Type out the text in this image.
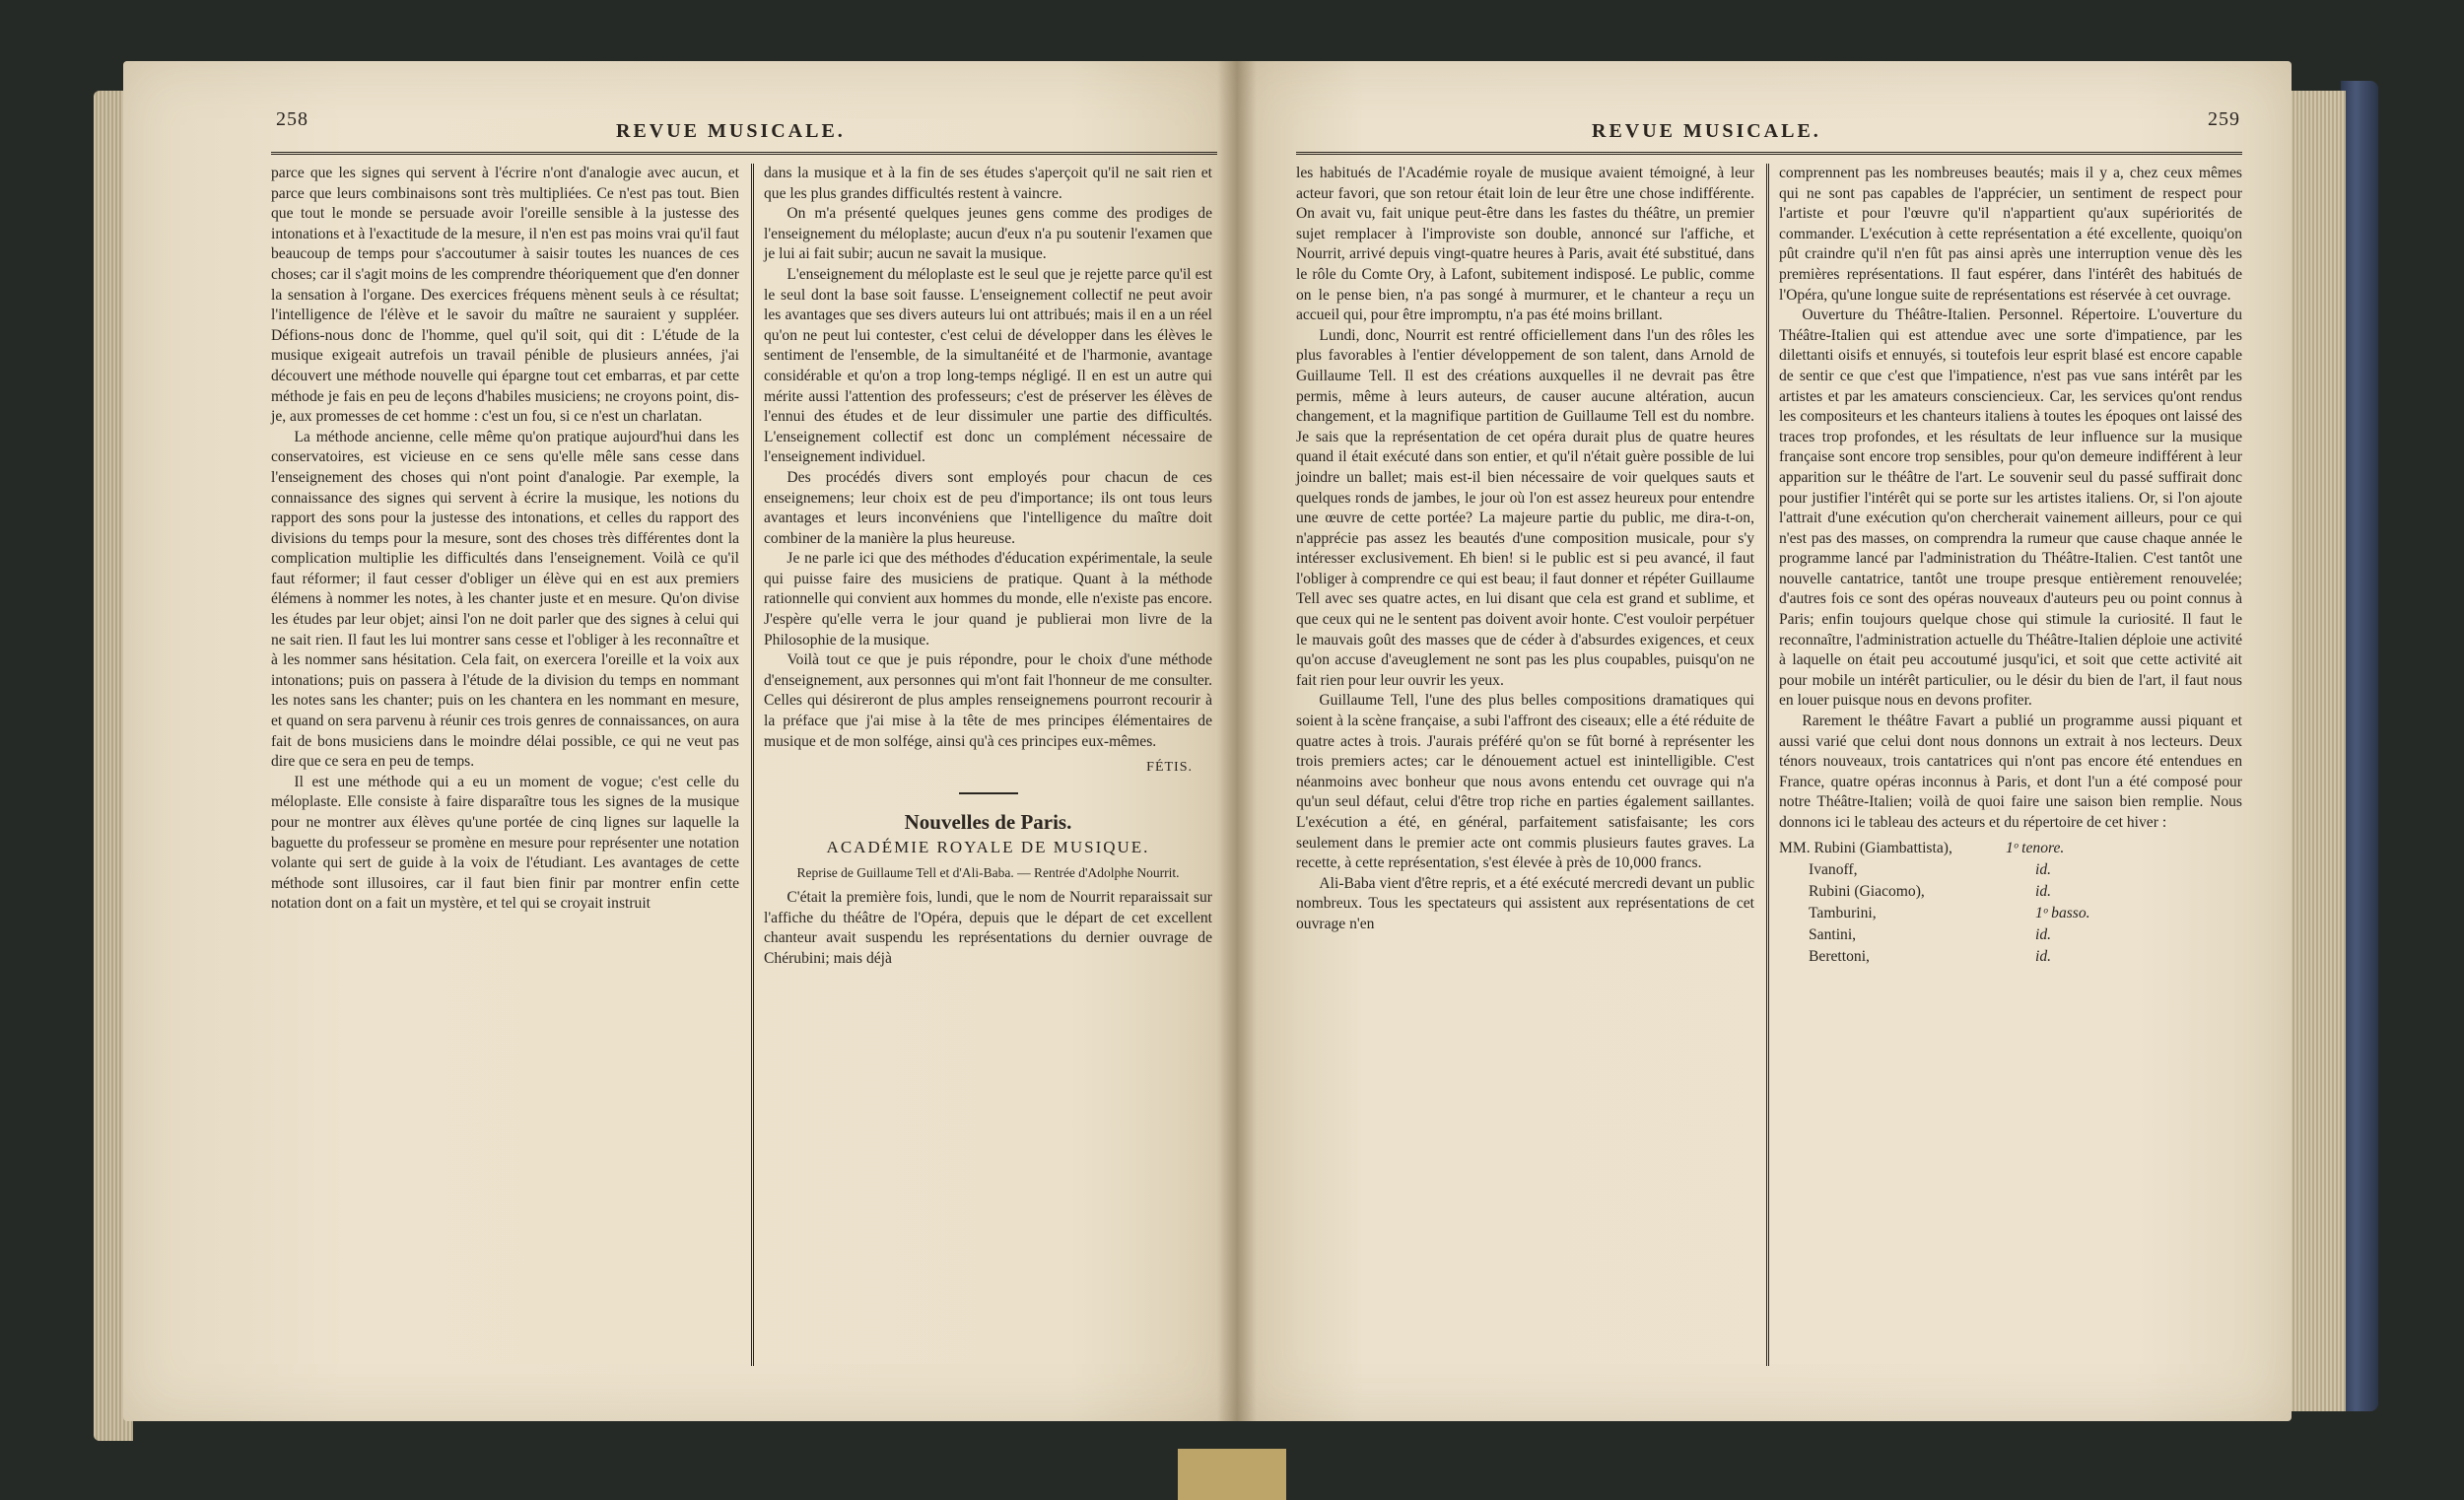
258
REVUE MUSICALE.

parce que les signes qui servent à l'écrire n'ont d'analogie avec aucun, et parce que leurs combinaisons sont très multipliées. Ce n'est pas tout. Bien que tout le monde se persuade avoir l'oreille sensible à la justesse des intonations et à l'exactitude de la mesure, il n'en est pas moins vrai qu'il faut beaucoup de temps pour s'accoutumer à saisir toutes les nuances de ces choses; car il s'agit moins de les comprendre théoriquement que d'en donner la sensation à l'organe. Des exercices fréquens mènent seuls à ce résultat; l'intelligence de l'élève et le savoir du maître ne sauraient y suppléer. Défions-nous donc de l'homme, quel qu'il soit, qui dit : L'étude de la musique exigeait autrefois un travail pénible de plusieurs années, j'ai découvert une méthode nouvelle qui épargne tout cet embarras, et par cette méthode je fais en peu de leçons d'habiles musiciens; ne croyons point, dis-je, aux promesses de cet homme : c'est un fou, si ce n'est un charlatan.

La méthode ancienne, celle même qu'on pratique aujourd'hui dans les conservatoires, est vicieuse en ce sens qu'elle mêle sans cesse dans l'enseignement des choses qui n'ont point d'analogie. Par exemple, la connaissance des signes qui servent à écrire la musique, les notions du rapport des sons pour la justesse des intonations, et celles du rapport des divisions du temps pour la mesure, sont des choses très différentes dont la complication multiplie les difficultés dans l'enseignement. Voilà ce qu'il faut réformer; il faut cesser d'obliger un élève qui en est aux premiers élémens à nommer les notes, à les chanter juste et en mesure. Qu'on divise les études par leur objet; ainsi l'on ne doit parler que des signes à celui qui ne sait rien. Il faut les lui montrer sans cesse et l'obliger à les reconnaître et à les nommer sans hésitation. Cela fait, on exercera l'oreille et la voix aux intonations; puis on passera à l'étude de la division du temps en nommant les notes sans les chanter; puis on les chantera en les nommant en mesure, et quand on sera parvenu à réunir ces trois genres de connaissances, on aura fait de bons musiciens dans le moindre délai possible, ce qui ne veut pas dire que ce sera en peu de temps.

Il est une méthode qui a eu un moment de vogue; c'est celle du méloplaste. Elle consiste à faire disparaître tous les signes de la musique pour ne montrer aux élèves qu'une portée de cinq lignes sur laquelle la baguette du professeur se promène en mesure pour représenter une notation volante qui sert de guide à la voix de l'étudiant. Les avantages de cette méthode sont illusoires, car il faut bien finir par montrer enfin cette notation dont on a fait un mystère, et tel qui se croyait instruit

dans la musique et à la fin de ses études s'aperçoit qu'il ne sait rien et que les plus grandes difficultés restent à vaincre.

On m'a présenté quelques jeunes gens comme des prodiges de l'enseignement du méloplaste; aucun d'eux n'a pu soutenir l'examen que je lui ai fait subir; aucun ne savait la musique.

L'enseignement du méloplaste est le seul que je rejette parce qu'il est le seul dont la base soit fausse. L'enseignement collectif ne peut avoir les avantages que ses divers auteurs lui ont attribués; mais il en a un réel qu'on ne peut lui contester, c'est celui de développer dans les élèves le sentiment de l'ensemble, de la simultanéité et de l'harmonie, avantage considérable et qu'on a trop long-temps négligé. Il en est un autre qui mérite aussi l'attention des professeurs; c'est de préserver les élèves de l'ennui des études et de leur dissimuler une partie des difficultés. L'enseignement collectif est donc un complément nécessaire de l'enseignement individuel.

Des procédés divers sont employés pour chacun de ces enseignemens; leur choix est de peu d'importance; ils ont tous leurs avantages et leurs inconvéniens que l'intelligence du maître doit combiner de la manière la plus heureuse.

Je ne parle ici que des méthodes d'éducation expérimentale, la seule qui puisse faire des musiciens de pratique. Quant à la méthode rationnelle qui convient aux hommes du monde, elle n'existe pas encore. J'espère qu'elle verra le jour quand je publierai mon livre de la Philosophie de la musique.

Voilà tout ce que je puis répondre, pour le choix d'une méthode d'enseignement, aux personnes qui m'ont fait l'honneur de me consulter. Celles qui désireront de plus amples renseignemens pourront recourir à la préface que j'ai mise à la tête de mes principes élémentaires de musique et de mon solfége, ainsi qu'à ces principes eux-mêmes.

FÉTIS.
Nouvelles de Paris.
ACADÉMIE ROYALE DE MUSIQUE.
Reprise de Guillaume Tell et d'Ali-Baba. — Rentrée d'Adolphe Nourrit.

C'était la première fois, lundi, que le nom de Nourrit reparaissait sur l'affiche du théâtre de l'Opéra, depuis que le départ de cet excellent chanteur avait suspendu les représentations du dernier ouvrage de Chérubini; mais déjà

REVUE MUSICALE.
259

les habitués de l'Académie royale de musique avaient témoigné, à leur acteur favori, que son retour était loin de leur être une chose indifférente. On avait vu, fait unique peut-être dans les fastes du théâtre, un premier sujet remplacer à l'improviste son double, annoncé sur l'affiche, et Nourrit, arrivé depuis vingt-quatre heures à Paris, avait été substitué, dans le rôle du Comte Ory, à Lafont, subitement indisposé. Le public, comme on le pense bien, n'a pas songé à murmurer, et le chanteur a reçu un accueil qui, pour être impromptu, n'a pas été moins brillant.

Lundi, donc, Nourrit est rentré officiellement dans l'un des rôles les plus favorables à l'entier développement de son talent, dans Arnold de Guillaume Tell. Il est des créations auxquelles il ne devrait pas être permis, même à leurs auteurs, de causer aucune altération, aucun changement, et la magnifique partition de Guillaume Tell est du nombre. Je sais que la représentation de cet opéra durait plus de quatre heures quand il était exécuté dans son entier, et qu'il n'était guère possible de lui joindre un ballet; mais est-il bien nécessaire de voir quelques sauts et quelques ronds de jambes, le jour où l'on est assez heureux pour entendre une œuvre de cette portée? La majeure partie du public, me dira-t-on, n'apprécie pas assez les beautés d'une composition musicale, pour s'y intéresser exclusivement. Eh bien! si le public est si peu avancé, il faut l'obliger à comprendre ce qui est beau; il faut donner et répéter Guillaume Tell avec ses quatre actes, en lui disant que cela est grand et sublime, et que ceux qui ne le sentent pas doivent avoir honte. C'est vouloir perpétuer le mauvais goût des masses que de céder à d'absurdes exigences, et ceux qu'on accuse d'aveuglement ne sont pas les plus coupables, puisqu'on ne fait rien pour leur ouvrir les yeux.

Guillaume Tell, l'une des plus belles compositions dramatiques qui soient à la scène française, a subi l'affront des ciseaux; elle a été réduite de quatre actes à trois. J'aurais préféré qu'on se fût borné à représenter les trois premiers actes; car le dénouement actuel est inintelligible. C'est néanmoins avec bonheur que nous avons entendu cet ouvrage qui n'a qu'un seul défaut, celui d'être trop riche en parties également saillantes. L'exécution a été, en général, parfaitement satisfaisante; les cors seulement dans le premier acte ont commis plusieurs fautes graves. La recette, à cette représentation, s'est élevée à près de 10,000 francs.

Ali-Baba vient d'être repris, et a été exécuté mercredi devant un public nombreux. Tous les spectateurs qui assistent aux représentations de cet ouvrage n'en

comprennent pas les nombreuses beautés; mais il y a, chez ceux mêmes qui ne sont pas capables de l'apprécier, un sentiment de respect pour l'artiste et pour l'œuvre qu'il n'appartient qu'aux supériorités de commander. L'exécution à cette représentation a été excellente, quoiqu'on pût craindre qu'il n'en fût pas ainsi après une interruption venue dès les premières représentations. Il faut espérer, dans l'intérêt des habitués de l'Opéra, qu'une longue suite de représentations est réservée à cet ouvrage.

Ouverture du Théâtre-Italien. Personnel. Répertoire. L'ouverture du Théâtre-Italien qui est attendue avec une sorte d'impatience, par les dilettanti oisifs et ennuyés, si toutefois leur esprit blasé est encore capable de sentir ce que c'est que l'impatience, n'est pas vue sans intérêt par les artistes et par les amateurs consciencieux. Car, les services qu'ont rendus les compositeurs et les chanteurs italiens à toutes les époques ont laissé des traces trop profondes, et les résultats de leur influence sur la musique française sont encore trop sensibles, pour qu'on demeure indifférent à leur apparition sur le théâtre de l'art. Le souvenir seul du passé suffirait donc pour justifier l'intérêt qui se porte sur les artistes italiens. Or, si l'on ajoute l'attrait d'une exécution qu'on chercherait vainement ailleurs, pour ce qui n'est pas des masses, on comprendra la rumeur que cause chaque année le programme lancé par l'administration du Théâtre-Italien. C'est tantôt une nouvelle cantatrice, tantôt une troupe presque entièrement renouvelée; d'autres fois ce sont des opéras nouveaux d'auteurs peu ou point connus à Paris; enfin toujours quelque chose qui stimule la curiosité. Il faut le reconnaître, l'administration actuelle du Théâtre-Italien déploie une activité à laquelle on était peu accoutumé jusqu'ici, et soit que cette activité ait pour mobile un intérêt particulier, ou le désir du bien de l'art, il faut nous en louer puisque nous en devons profiter.

Rarement le théâtre Favart a publié un programme aussi piquant et aussi varié que celui dont nous donnons un extrait à nos lecteurs. Deux ténors nouveaux, trois cantatrices qui n'ont pas encore été entendues en France, quatre opéras inconnus à Paris, et dont l'un a été composé pour notre Théâtre-Italien; voilà de quoi faire une saison bien remplie. Nous donnons ici le tableau des acteurs et du répertoire de cet hiver :

MM. Rubini (Giambattista),	1ᵒ tenore.
Ivanoff,	id.
Rubini (Giacomo),	id.
Tamburini,	1ᵒ basso.
Santini,	id.
Berettoni,	id.
